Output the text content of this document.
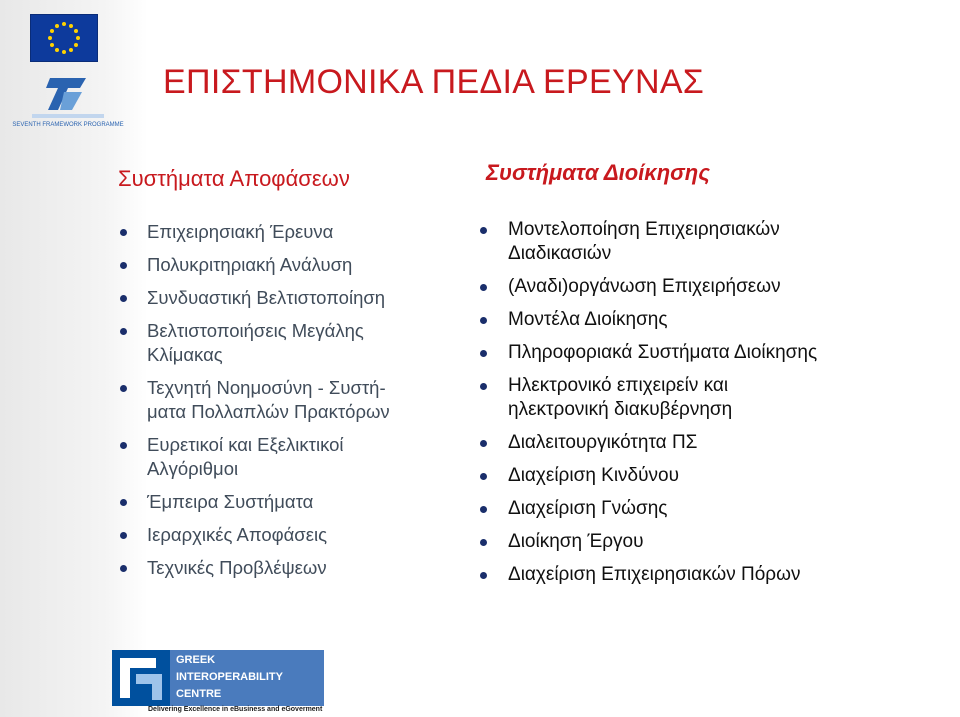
SEVENTH FRAMEWORK PROGRAMME
ΕΠΙΣΤΗΜΟΝΙΚΑ ΠΕΔΙΑ ΕΡΕΥΝΑΣ
Συστήματα Αποφάσεων
Επιχειρησιακή Έρευνα
Πολυκριτηριακή Ανάλυση
Συνδυαστική Βελτιστοποίηση
Βελτιστοποιήσεις Μεγάλης
Κλίμακας
Τεχνητή Νοημοσύνη - Συστή-
ματα Πολλαπλών Πρακτόρων
Ευρετικοί και Εξελικτικοί
Αλγόριθμοι
Έμπειρα Συστήματα
Ιεραρχικές Αποφάσεις
Τεχνικές Προβλέψεων
Συστήματα Διοίκησης
Μοντελοποίηση Επιχειρησιακών
Διαδικασιών
(Αναδι)οργάνωση Επιχειρήσεων
Μοντέλα Διοίκησης
Πληροφοριακά Συστήματα Διοίκησης
Ηλεκτρονικό επιχειρείν και
ηλεκτρονική διακυβέρνηση
Διαλειτουργικότητα ΠΣ
Διαχείριση Κινδύνου
Διαχείριση Γνώσης
Διοίκηση Έργου
Διαχείριση Επιχειρησιακών Πόρων
GREEK
INTEROPERABILITY
CENTRE
Delivering Excellence in eBusiness and eGoverment
